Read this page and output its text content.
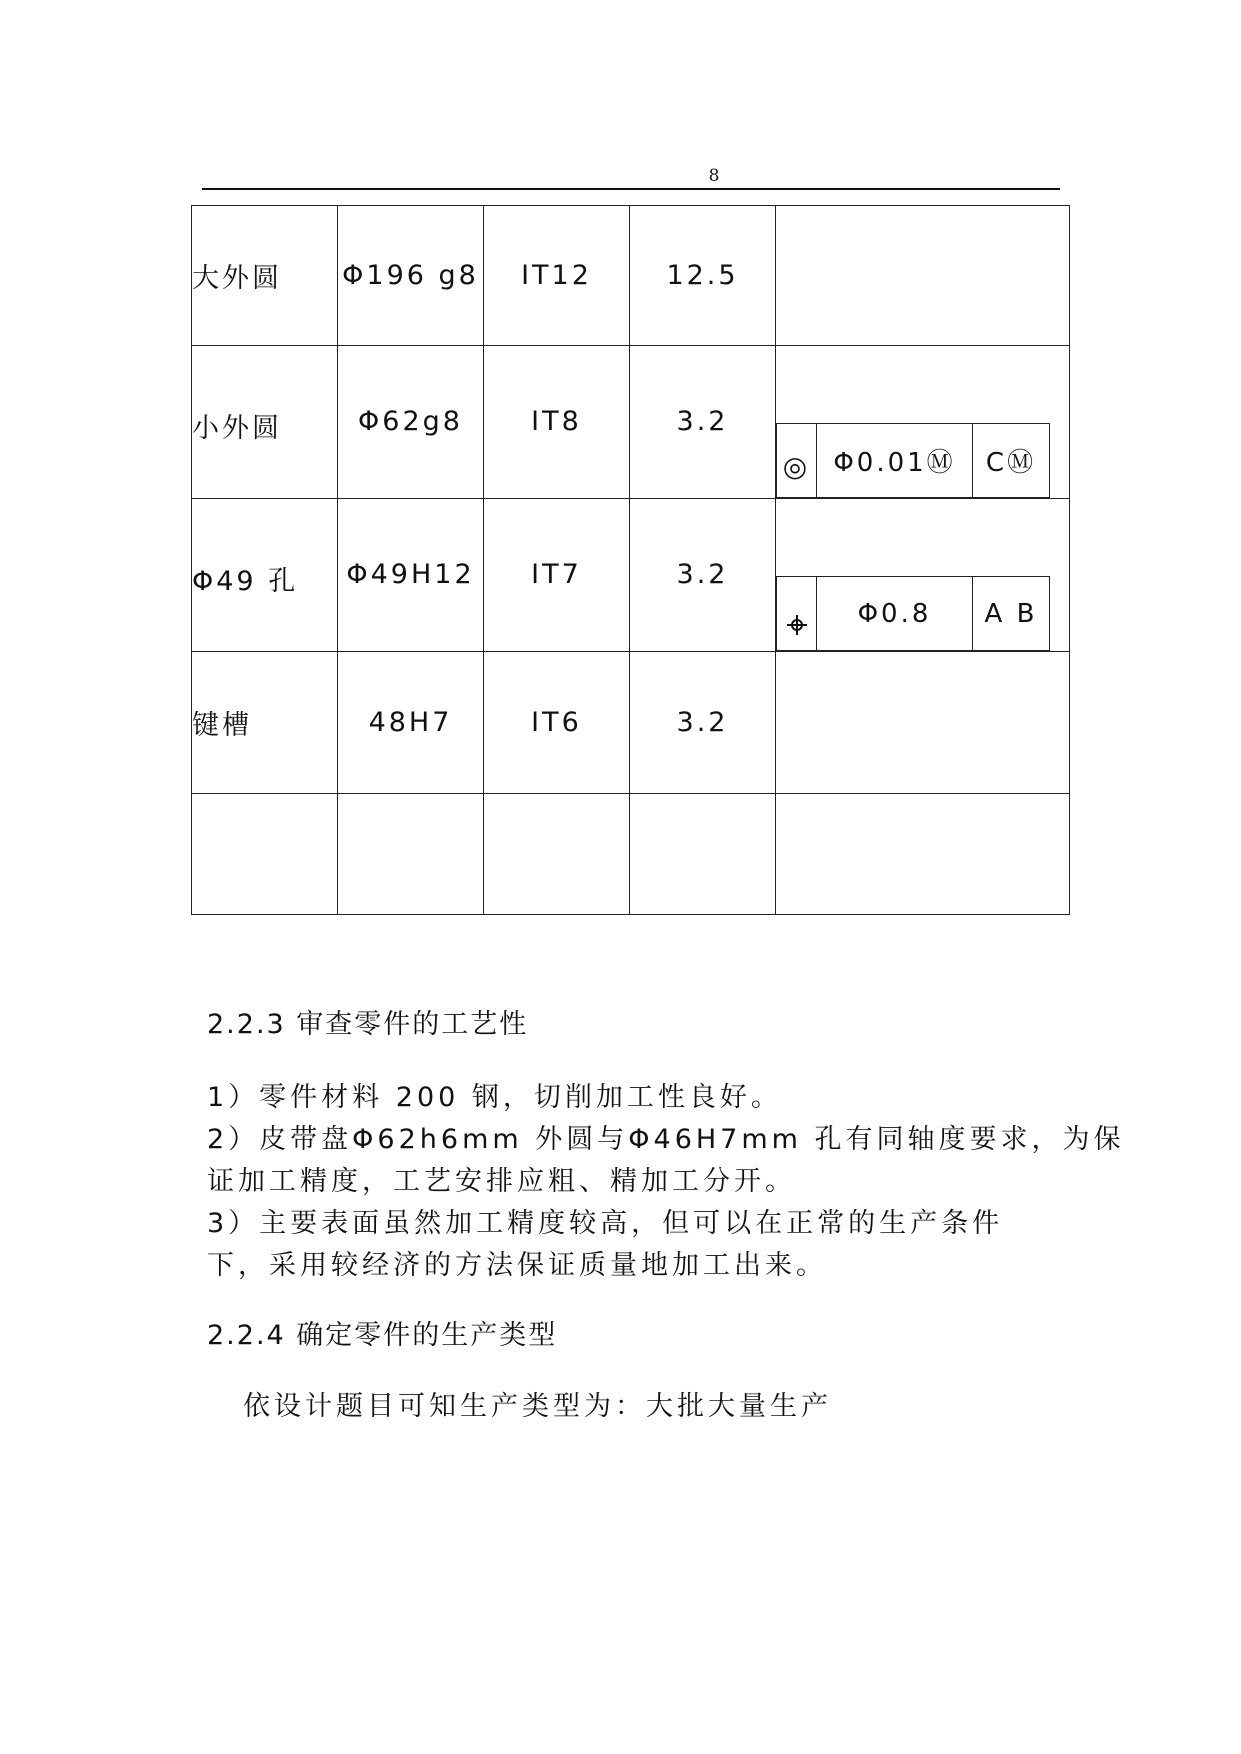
8
大外圆	Φ196 g8	IT12	12.5	
小外圆	Φ62g8	IT8	3.2	◎ Φ0.01Ⓜ CⓂ

Φ49 孔	Φ49H12	IT7	3.2	Φ0.8 A B

键槽	48H7	IT6	3.2	

2.2.3 审查零件的工艺性
1）零件材料 200 钢，切削加工性良好。
2）皮带盘Φ62h6mm 外圆与Φ46H7mm 孔有同轴度要求，为保
证加工精度，工艺安排应粗、精加工分开。
3）主要表面虽然加工精度较高，但可以在正常的生产条件
下，采用较经济的方法保证质量地加工出来。
2.2.4 确定零件的生产类型
依设计题目可知生产类型为：大批大量生产
